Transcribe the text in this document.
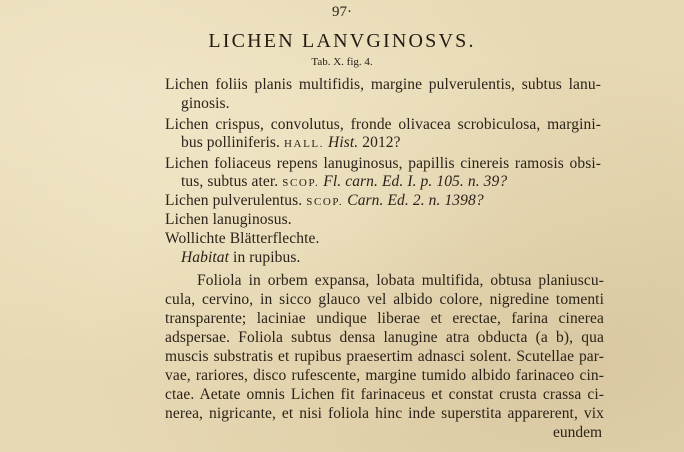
97·
LICHEN LANVGINOSVS.
Tab. X. fig. 4.
Lichen foliis planis multifidis, margine pulverulentis, subtus lanu-
ginosis.
Lichen crispus, convolutus, fronde olivacea scrobiculosa, margini-
bus polliniferis. HALL. Hist. 2012?
Lichen foliaceus repens lanuginosus, papillis cinereis ramosis obsi-
tus, subtus ater. SCOP. Fl. carn. Ed. I. p. 105. n. 39?
Lichen pulverulentus. SCOP. Carn. Ed. 2. n. 1398?
Lichen lanuginosus.
Wollichte Blätterflechte.
Habitat in rupibus.
Foliola in orbem expansa, lobata multifida, obtusa planiuscu-
cula, cervino, in sicco glauco vel albido colore, nigredine tomenti
transparente; laciniae undique liberae et erectae, farina cinerea
adspersae. Foliola subtus densa lanugine atra obducta (a b), qua
muscis substratis et rupibus praesertim adnasci solent. Scutellae par-
vae, rariores, disco rufescente, margine tumido albido farinaceo cin-
ctae. Aetate omnis Lichen fit farinaceus et constat crusta crassa ci-
nerea, nigricante, et nisi foliola hinc inde superstita apparerent, vix
eundem
